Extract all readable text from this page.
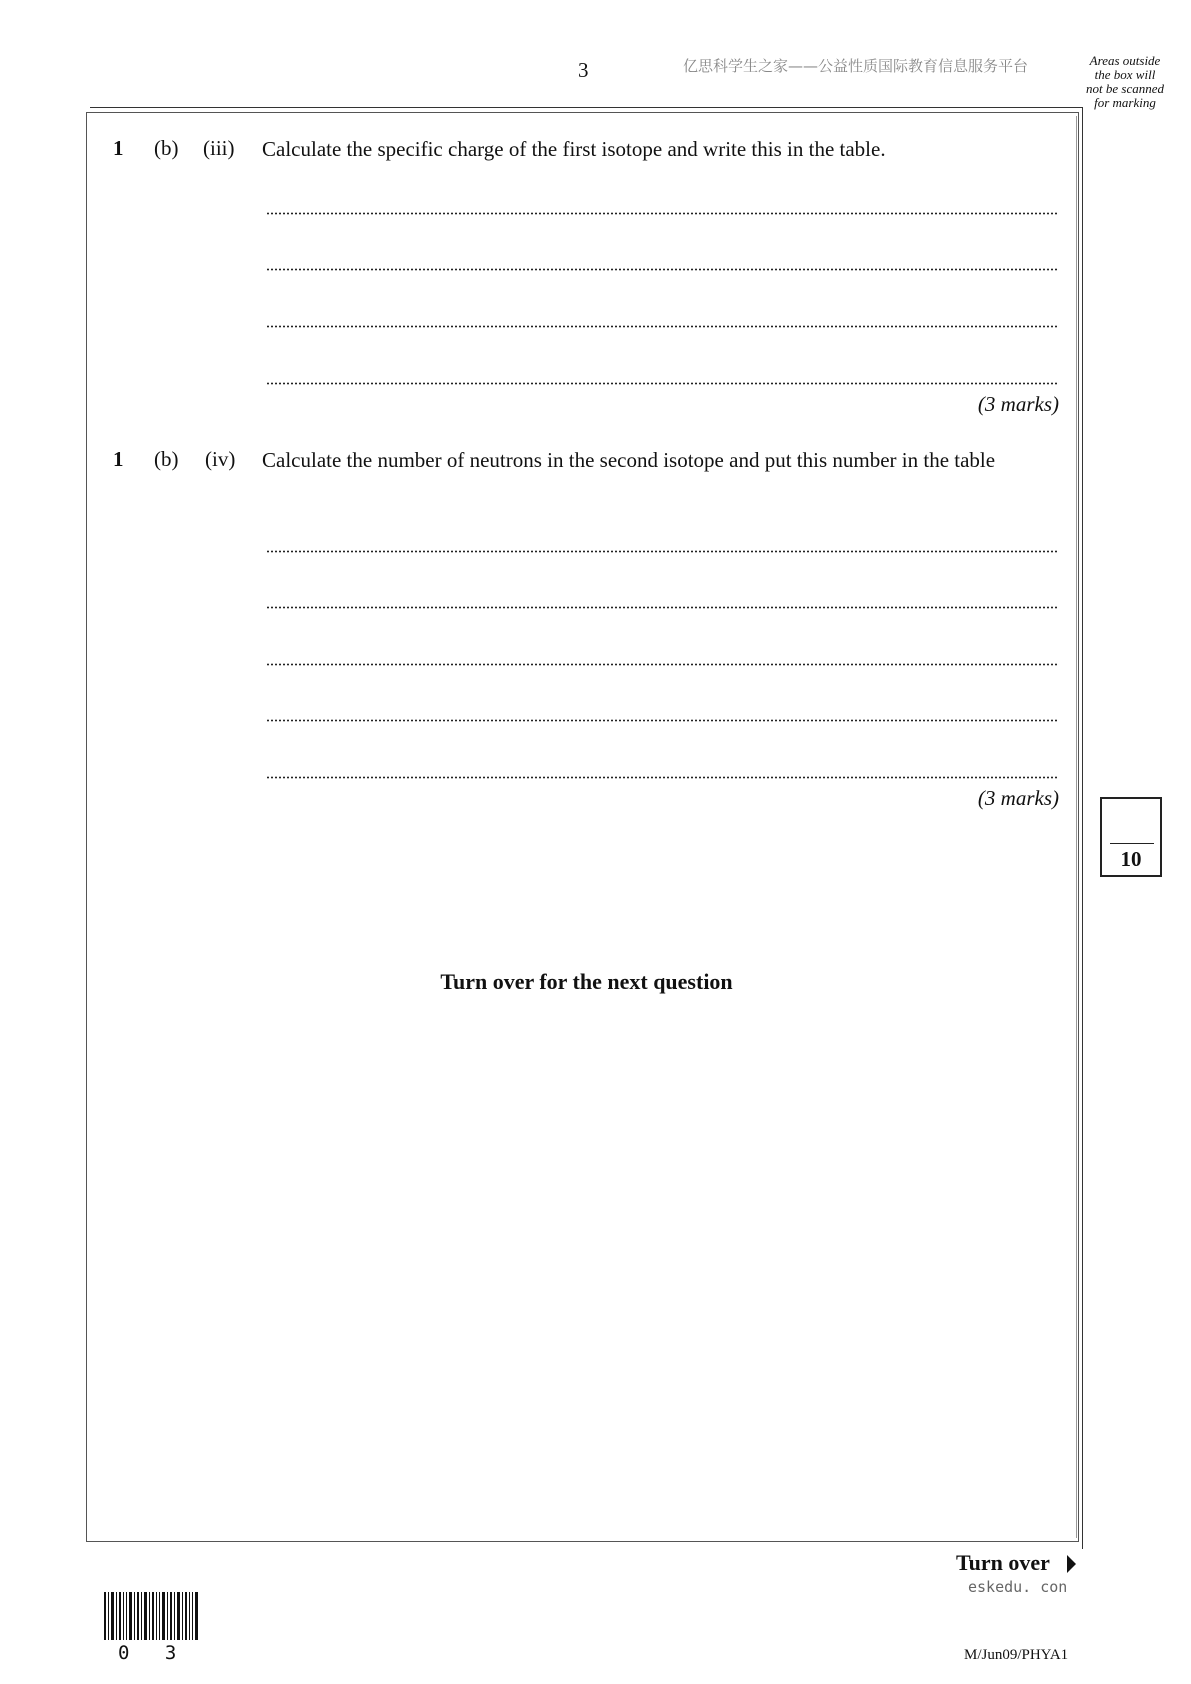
3	亿思科学生之家——公益性质国际教育信息服务平台	Areas outside
the box will
not be scanned
for marking
1 (b) (iii) Calculate the specific charge of the first isotope and write this in the table.
(3 marks)
1 (b) (iv) Calculate the number of neutrons in the second isotope and put this number in the table
(3 marks)
10
Turn over for the next question
Turn over
eskedu. con
0 3	M/Jun09/PHYA1
